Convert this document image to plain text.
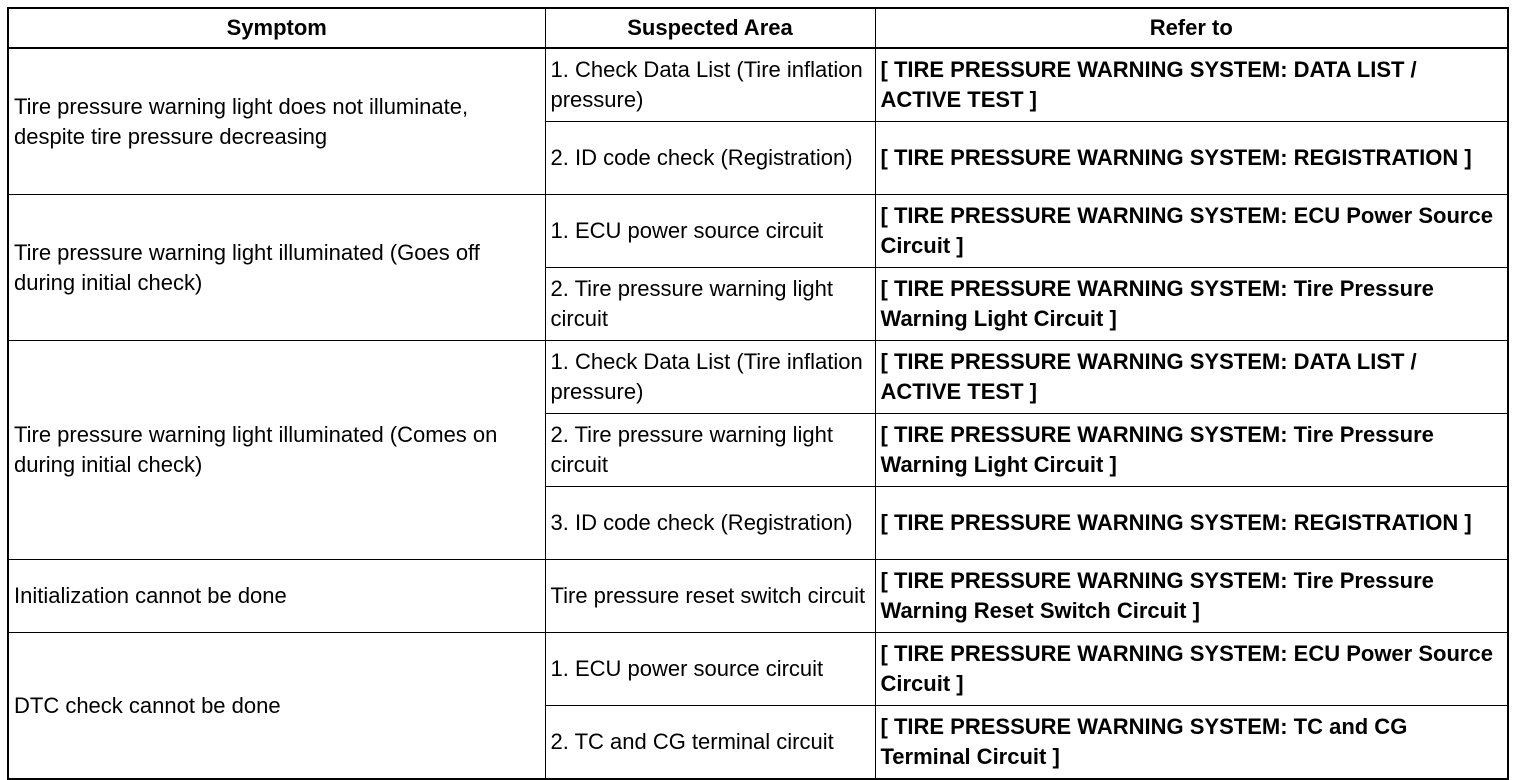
Symptom	Suspected Area	Refer to
Tire pressure warning light does not illuminate, despite tire pressure decreasing	1. Check Data List (Tire inflation pressure)	[ TIRE PRESSURE WARNING SYSTEM: DATA LIST / ACTIVE TEST ]
	2. ID code check (Registration)	[ TIRE PRESSURE WARNING SYSTEM: REGISTRATION ]
Tire pressure warning light illuminated (Goes off during initial check)	1. ECU power source circuit	[ TIRE PRESSURE WARNING SYSTEM: ECU Power Source Circuit ]
	2. Tire pressure warning light circuit	[ TIRE PRESSURE WARNING SYSTEM: Tire Pressure Warning Light Circuit ]
Tire pressure warning light illuminated (Comes on during initial check)	1. Check Data List (Tire inflation pressure)	[ TIRE PRESSURE WARNING SYSTEM: DATA LIST / ACTIVE TEST ]
	2. Tire pressure warning light circuit	[ TIRE PRESSURE WARNING SYSTEM: Tire Pressure Warning Light Circuit ]
	3. ID code check (Registration)	[ TIRE PRESSURE WARNING SYSTEM: REGISTRATION ]
Initialization cannot be done	Tire pressure reset switch circuit	[ TIRE PRESSURE WARNING SYSTEM: Tire Pressure Warning Reset Switch Circuit ]
DTC check cannot be done	1. ECU power source circuit	[ TIRE PRESSURE WARNING SYSTEM: ECU Power Source Circuit ]
	2. TC and CG terminal circuit	[ TIRE PRESSURE WARNING SYSTEM: TC and CG Terminal Circuit ]
